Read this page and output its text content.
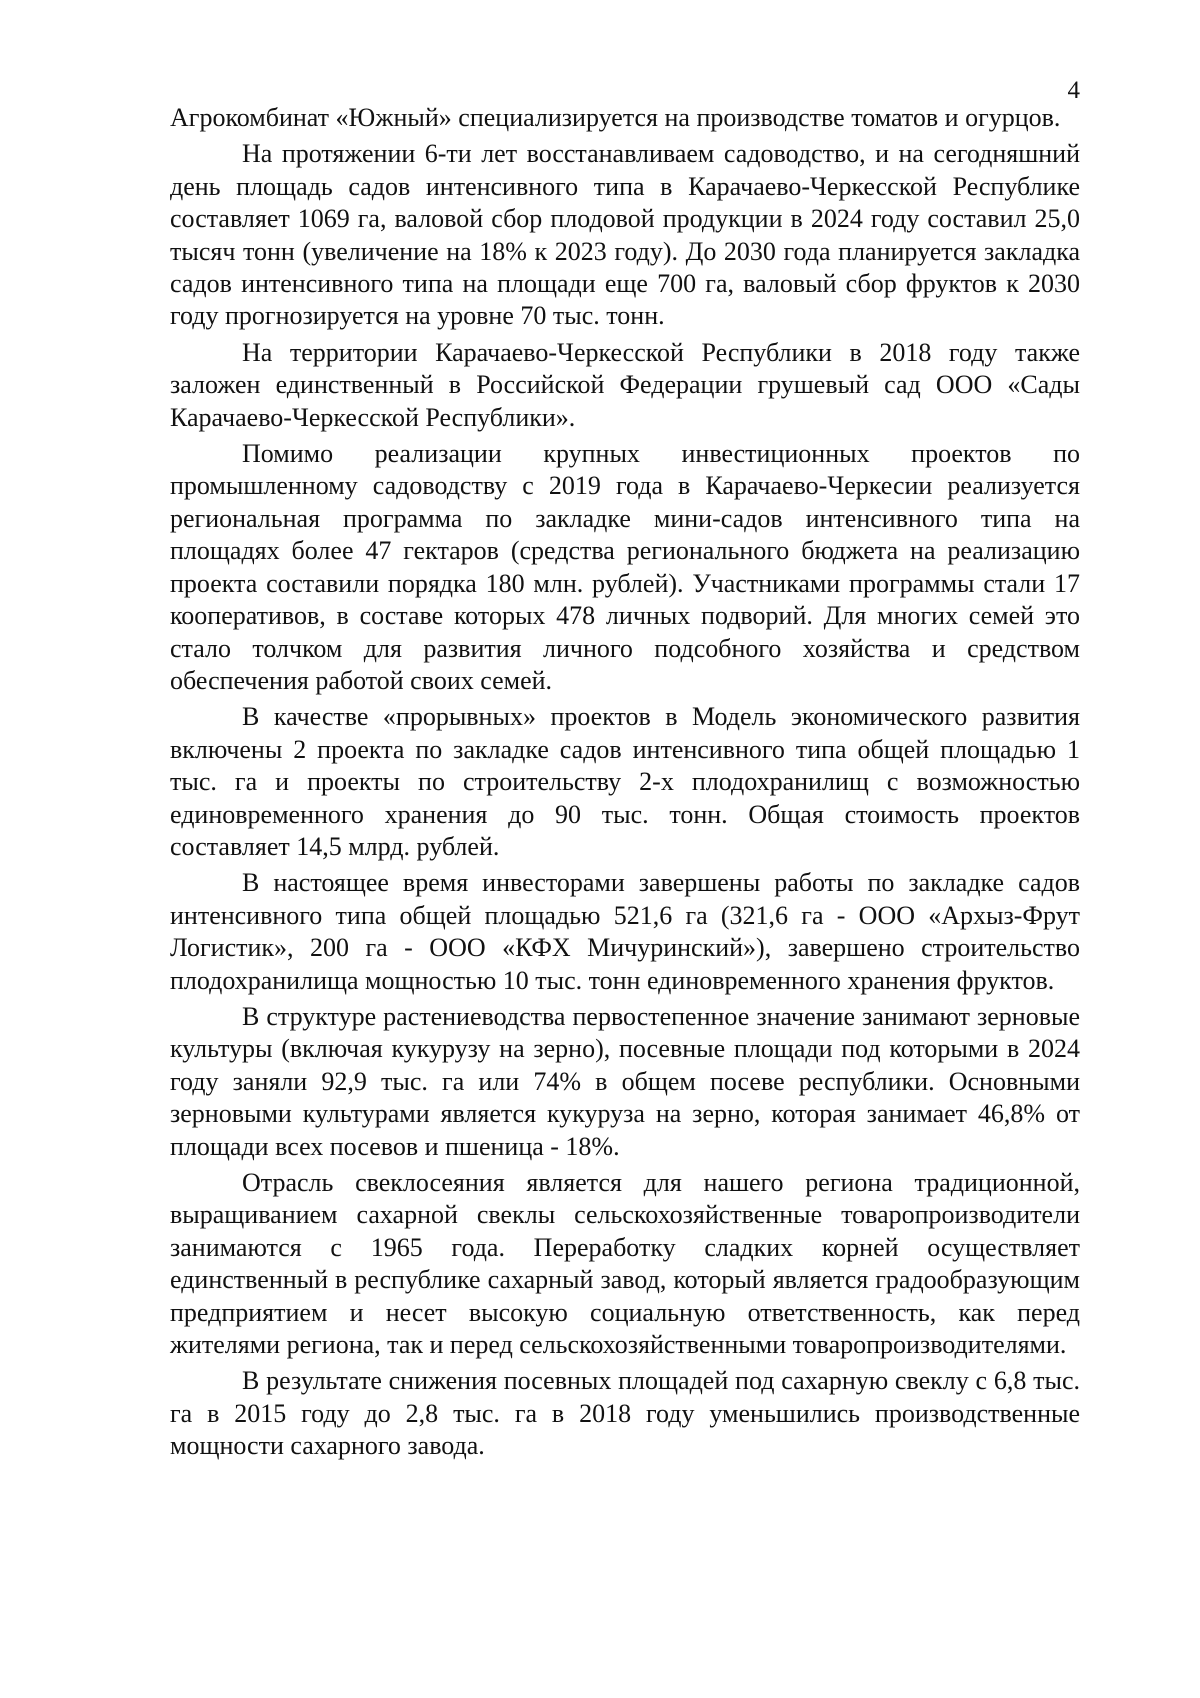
4

Агрокомбинат «Южный» специализируется на производстве томатов и огурцов.

На протяжении 6-ти лет восстанавливаем садоводство, и на сегодняшний день площадь садов интенсивного типа в Карачаево-Черкесской Республике составляет 1069 га, валовой сбор плодовой продукции в 2024 году составил 25,0 тысяч тонн (увеличение на 18% к 2023 году). До 2030 года планируется закладка садов интенсивного типа на площади еще 700 га, валовый сбор фруктов к 2030 году прогнозируется на уровне 70 тыс. тонн.

На территории Карачаево-Черкесской Республики в 2018 году также заложен единственный в Российской Федерации грушевый сад ООО «Сады Карачаево-Черкесской Республики».

Помимо реализации крупных инвестиционных проектов по промышленному садоводству с 2019 года в Карачаево-Черкесии реализуется региональная программа по закладке мини-садов интенсивного типа на площадях более 47 гектаров (средства регионального бюджета на реализацию проекта составили порядка 180 млн. рублей). Участниками программы стали 17 кооперативов, в составе которых 478 личных подворий. Для многих семей это стало толчком для развития личного подсобного хозяйства и средством обеспечения работой своих семей.

В качестве «прорывных» проектов в Модель экономического развития включены 2 проекта по закладке садов интенсивного типа общей площадью 1 тыс. га и проекты по строительству 2-х плодохранилищ с возможностью единовременного хранения до 90 тыс. тонн. Общая стоимость проектов составляет 14,5 млрд. рублей.

В настоящее время инвесторами завершены работы по закладке садов интенсивного типа общей площадью 521,6 га (321,6 га - ООО «Архыз-Фрут Логистик», 200 га - ООО «КФХ Мичуринский»), завершено строительство плодохранилища мощностью 10 тыс. тонн единовременного хранения фруктов.

В структуре растениеводства первостепенное значение занимают зерновые культуры (включая кукурузу на зерно), посевные площади под которыми в 2024 году заняли 92,9 тыс. га или 74% в общем посеве республики. Основными зерновыми культурами является кукуруза на зерно, которая занимает 46,8% от площади всех посевов и пшеница - 18%.

Отрасль свеклосеяния является для нашего региона традиционной, выращиванием сахарной свеклы сельскохозяйственные товаропроизводители занимаются с 1965 года. Переработку сладких корней осуществляет единственный в республике сахарный завод, который является градообразующим предприятием и несет высокую социальную ответственность, как перед жителями региона, так и перед сельскохозяйственными товаропроизводителями.

В результате снижения посевных площадей под сахарную свеклу с 6,8 тыс. га в 2015 году до 2,8 тыс. га в 2018 году уменьшились производственные мощности сахарного завода.
